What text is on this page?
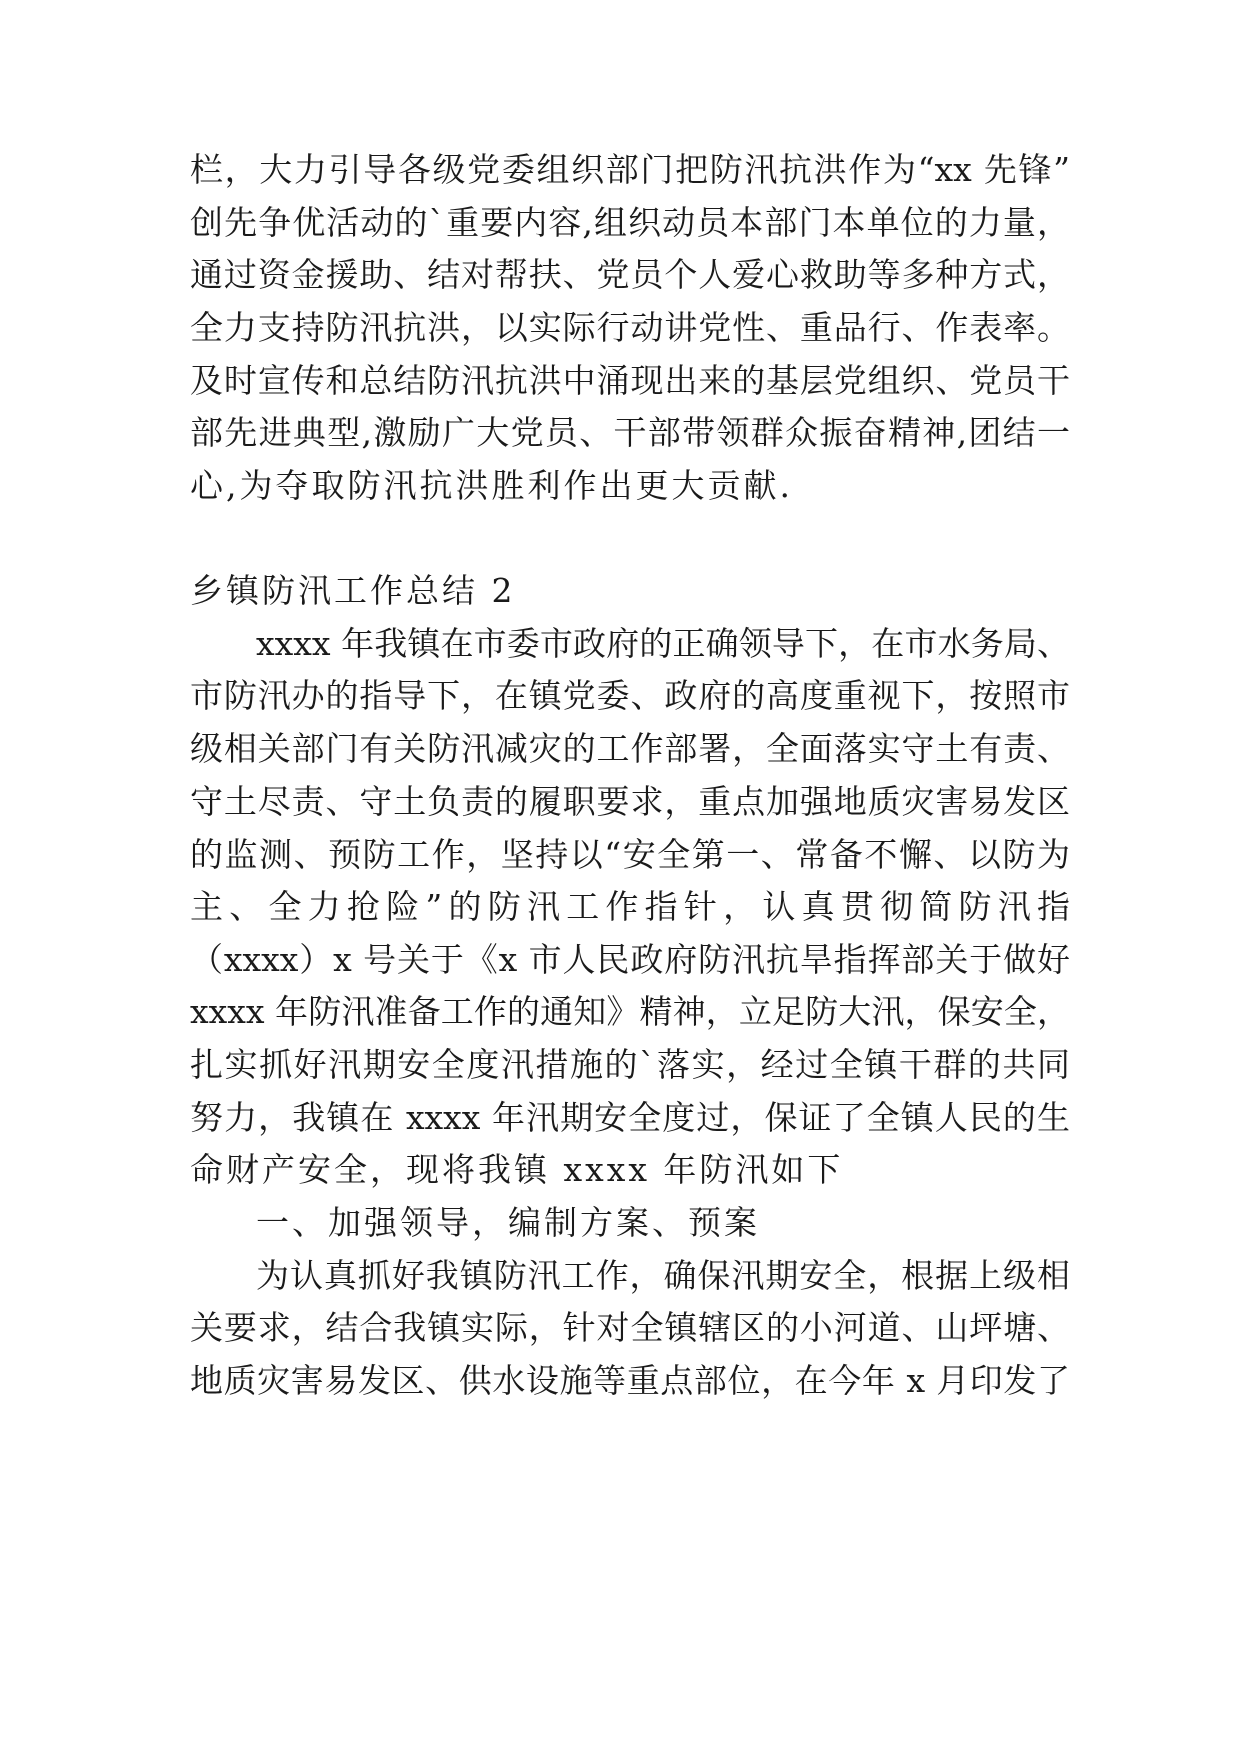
栏，大力引导各级党委组织部门把防汛抗洪作为“xx 先锋”
创先争优活动的`重要内容,组织动员本部门本单位的力量，
通过资金援助、结对帮扶、党员个人爱心救助等多种方式，
全力支持防汛抗洪，以实际行动讲党性、重品行、作表率。
及时宣传和总结防汛抗洪中涌现出来的基层党组织、党员干
部先进典型,激励广大党员、干部带领群众振奋精神,团结一
心,为夺取防汛抗洪胜利作出更大贡献.
乡镇防汛工作总结 2
xxxx 年我镇在市委市政府的正确领导下，在市水务局、
市防汛办的指导下，在镇党委、政府的高度重视下，按照市
级相关部门有关防汛减灾的工作部署，全面落实守土有责、
守土尽责、守土负责的履职要求，重点加强地质灾害易发区
的监测、预防工作，坚持以“安全第一、常备不懈、以防为
主、全力抢险”的防汛工作指针，认真贯彻简防汛指
（xxxx）x 号关于《x 市人民政府防汛抗旱指挥部关于做好
xxxx 年防汛准备工作的通知》精神，立足防大汛，保安全，
扎实抓好汛期安全度汛措施的`落实，经过全镇干群的共同
努力，我镇在 xxxx 年汛期安全度过，保证了全镇人民的生
命财产安全，现将我镇 xxxx 年防汛如下
一、加强领导，编制方案、预案
为认真抓好我镇防汛工作，确保汛期安全，根据上级相
关要求，结合我镇实际，针对全镇辖区的小河道、山坪塘、
地质灾害易发区、供水设施等重点部位，在今年 x 月印发了
